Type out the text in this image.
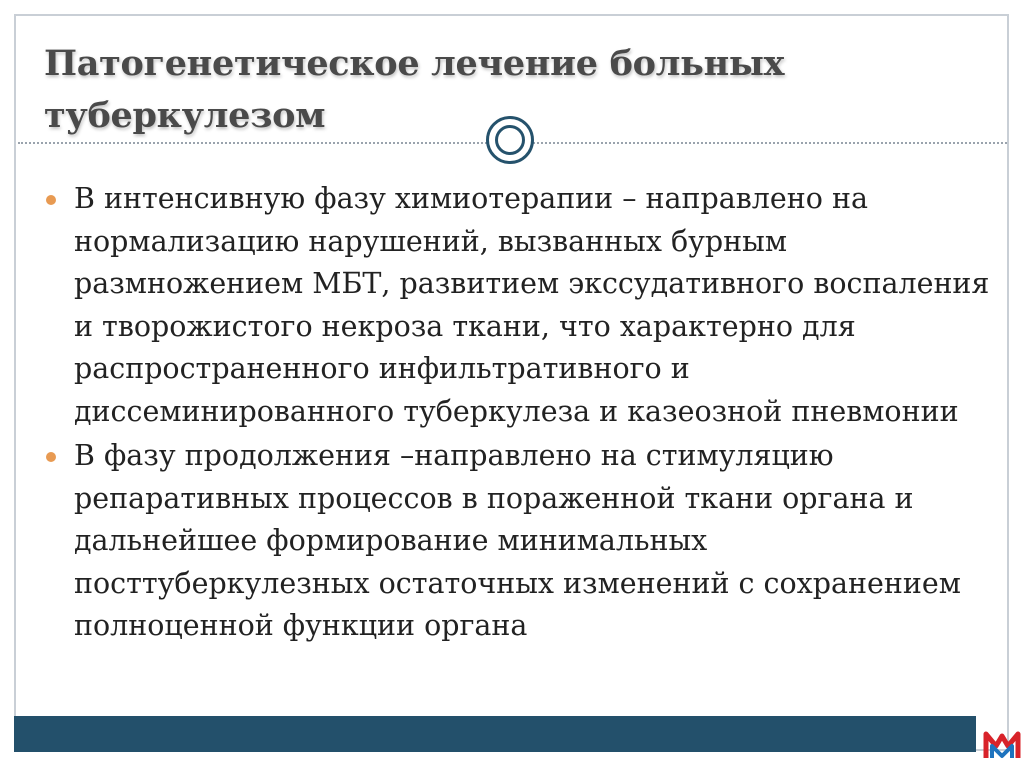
Патогенетическое лечение больных туберкулезом
В интенсивную фазу химиотерапии – направлено на нормализацию нарушений, вызванных бурным размножением МБТ, развитием экссудативного воспаления и творожистого некроза ткани, что характерно для распространенного инфильтративного и диссеминированного туберкулеза и казеозной пневмонии
В фазу продолжения –направлено на стимуляцию репаративных процессов в пораженной ткани органа и дальнейшее формирование минимальных посттуберкулезных остаточных изменений с сохранением полноценной функции органа
